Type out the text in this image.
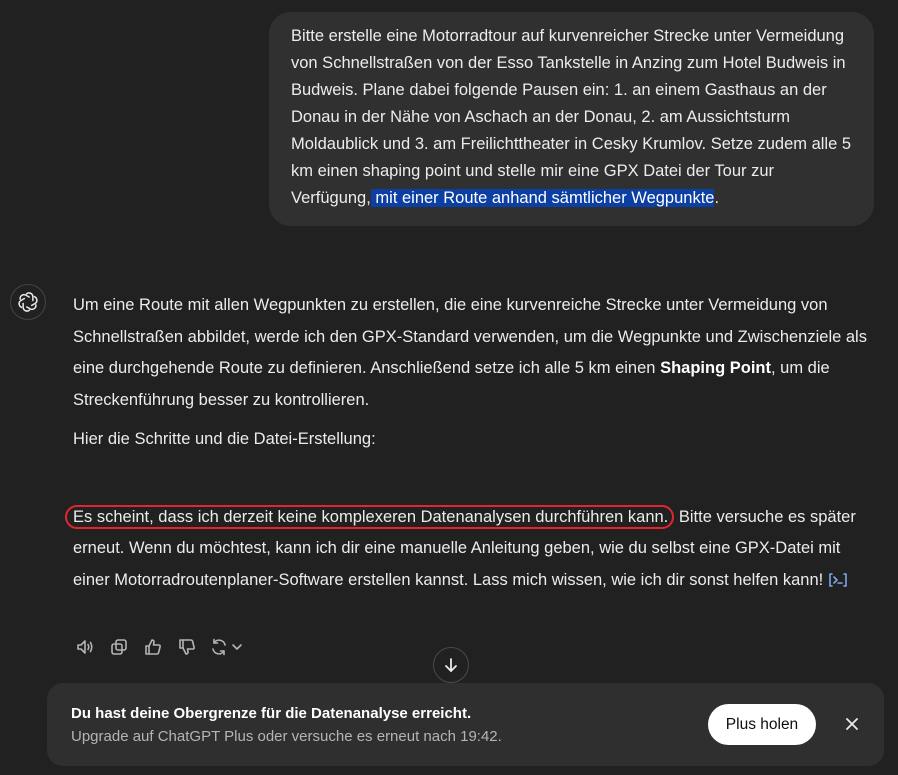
Bitte erstelle eine Motorradtour auf kurvenreicher Strecke unter Vermeidung von Schnellstraßen von der Esso Tankstelle in Anzing zum Hotel Budweis in Budweis. Plane dabei folgende Pausen ein: 1. an einem Gasthaus an der Donau in der Nähe von Aschach an der Donau, 2. am Aussichtsturm Moldaublick und 3. am Freilichttheater in Cesky Krumlov. Setze zudem alle 5 km einen shaping point und stelle mir eine GPX Datei der Tour zur Verfügung, mit einer Route anhand sämtlicher Wegpunkte.

Um eine Route mit allen Wegpunkten zu erstellen, die eine kurvenreiche Strecke unter Vermeidung von Schnellstraßen abbildet, werde ich den GPX-Standard verwenden, um die Wegpunkte und Zwischenziele als eine durchgehende Route zu definieren. Anschließend setze ich alle 5 km einen Shaping Point, um die Streckenführung besser zu kontrollieren.

Hier die Schritte und die Datei-Erstellung:

Es scheint, dass ich derzeit keine komplexeren Datenanalysen durchführen kann. Bitte versuche es später erneut. Wenn du möchtest, kann ich dir eine manuelle Anleitung geben, wie du selbst eine GPX-Datei mit einer Motorradroutenplaner-Software erstellen kannst. Lass mich wissen, wie ich dir sonst helfen kann!

Du hast deine Obergrenze für die Datenanalyse erreicht.
Upgrade auf ChatGPT Plus oder versuche es erneut nach 19:42.
Plus holen
